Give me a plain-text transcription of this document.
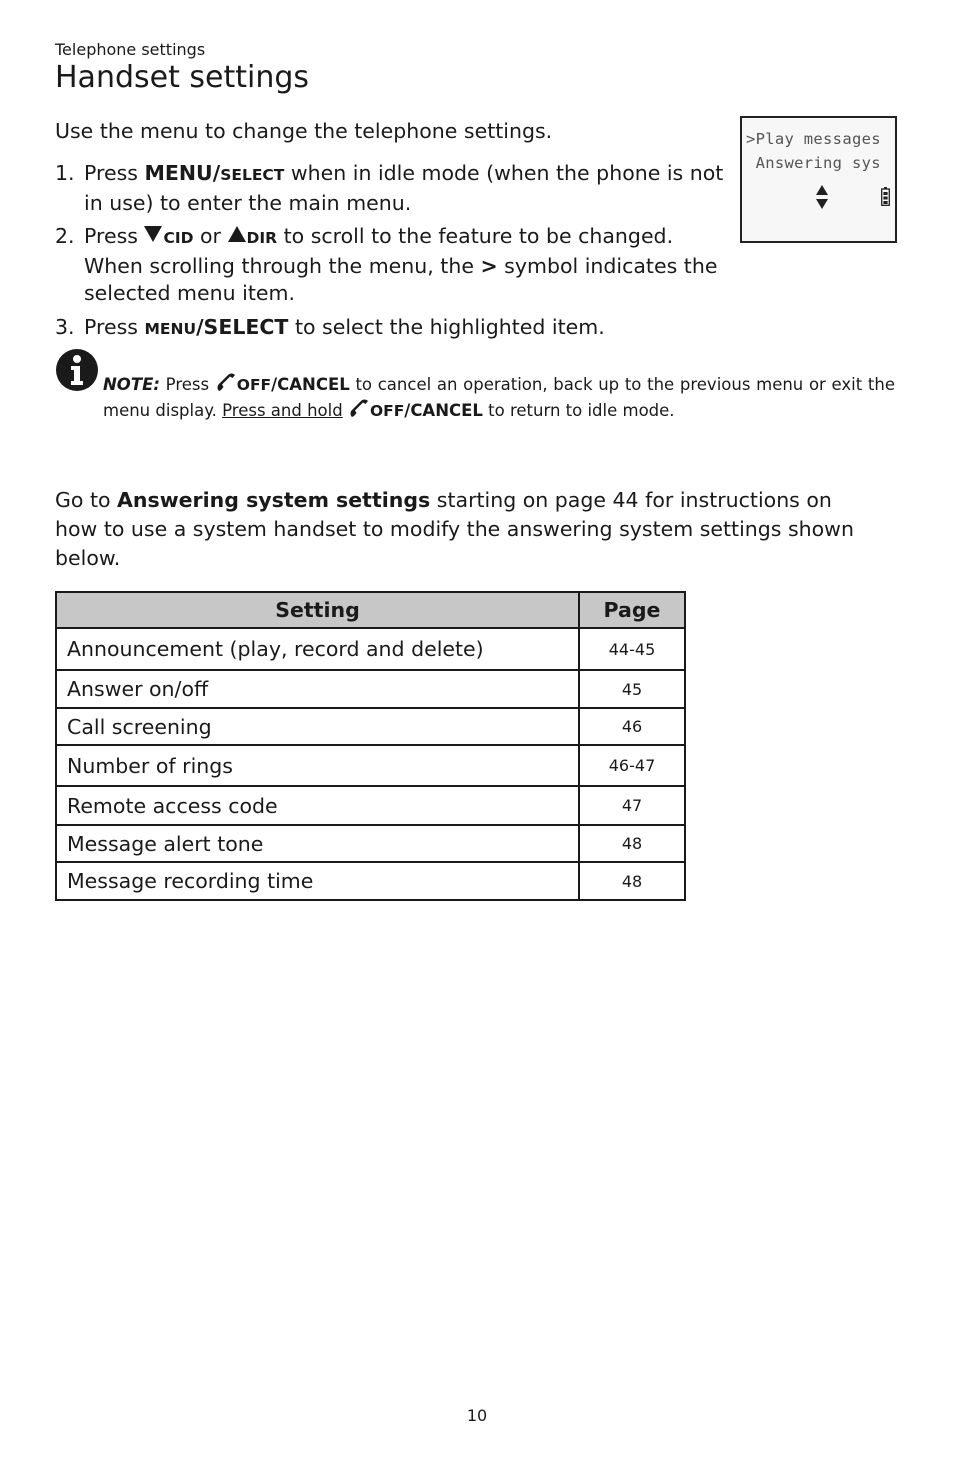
Telephone settings
Handset settings
Use the menu to change the telephone settings.
1. Press MENU/SELECT when in idle mode (when the phone is not in use) to enter the main menu.
2. Press CID or DIR to scroll to the feature to be changed. When scrolling through the menu, the > symbol indicates the selected menu item.
3. Press MENU/SELECT to select the highlighted item.
>Play messages
Answering sys
NOTE: Press OFF/CANCEL to cancel an operation, back up to the previous menu or exit the menu display. Press and hold OFF/CANCEL to return to idle mode.
Go to Answering system settings starting on page 44 for instructions on how to use a system handset to modify the answering system settings shown below.
Setting	Page
Announcement (play, record and delete)	44-45
Answer on/off	45
Call screening	46
Number of rings	46-47
Remote access code	47
Message alert tone	48
Message recording time	48
10
